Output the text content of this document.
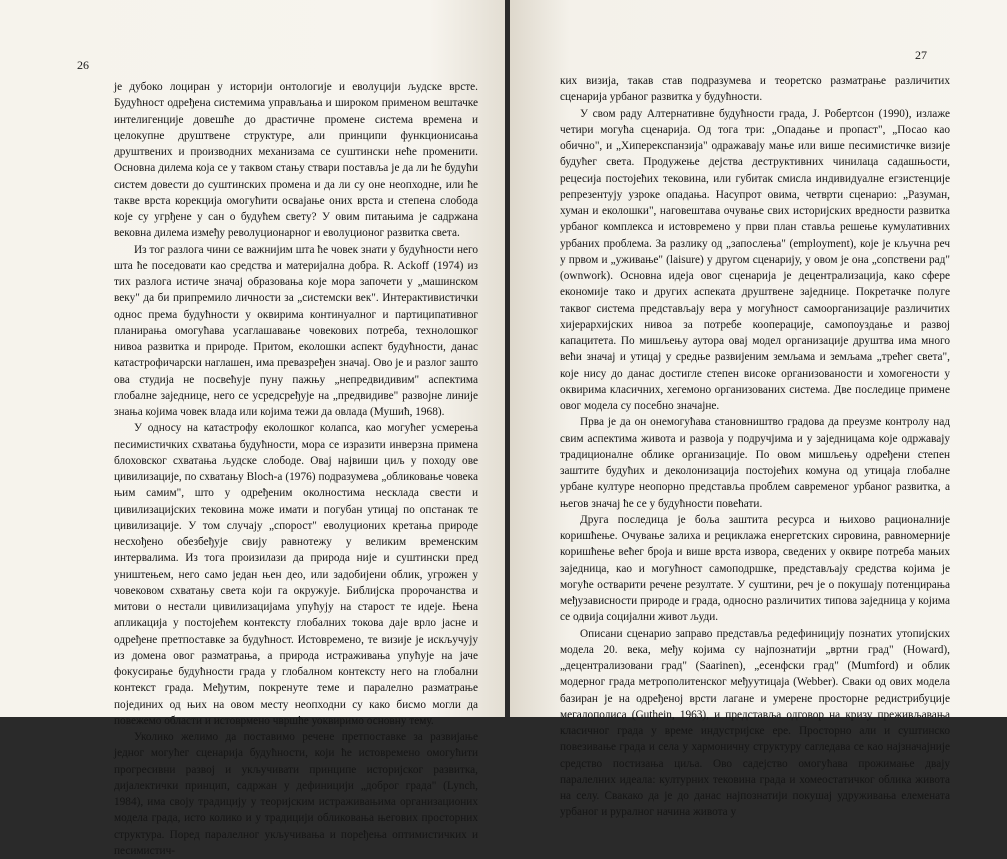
26

је дубоко лоциран у историји онтологије и еволуцији људске врсте. Будућност одређена системима управљања и широком применом вештачке интелигенције довешће до драстичне промене система времена и целокупне друштвене структуре, али принципи функционисања друштвених и производних механизама се суштински неће променити. Основна дилема која се у таквом стању ствари поставља је да ли ће будући систем довести до суштинских промена и да ли су оне неопходне, или ће такве врста корекција омогућити освајање оних врста и степена слобода које су угрђене у сан о будућем свету? У овим питањима је садржана вековна дилема између револуционарног и еволуционог развитка света.

Из тог разлога чини се важнијим шта ће човек знати у будућности него шта ће поседовати као средства и материјална добра. R. Ackoff (1974) из тих разлога истиче значај образовања које мора започети у „машинском веку" да би припремило личности за „системски век". Интерактивистички однос према будућности у оквирима континуалног и партиципативног планирања омогућава усаглашавање човекових потреба, технолошког нивоа развитка и природе. Притом, еколошки аспект будућности, данас катастрофичарски наглашен, има превазређен значај. Ово је и разлог зашто ова студија не посвећује пуну пажњу „непредвидивим" аспектима глобалне заједнице, него се усредсређује на „предвидиве" развојне линије знања којима човек влада или којима тежи да овлада (Мушић, 1968).

У односу на катастрофу еколошког колапса, као могућег усмерења песимистичких схватања будућности, мора се изразити инверзна примена блоховског схватања људске слободе. Овај највиши циљ у походу ове цивилизације, по схватању Bloch-а (1976) подразумева „обликовање човека њим самим", што у одређеним околностима несклада свести и цивилизацијских тековина може имати и погубан утицај по опстанак те цивилизације. У том случају „спорост" еволуционих кретања природе несхођено обезбеђује свију равнотежу у великим временским интервалима. Из тога произилази да природа није и суштински пред уништењем, него само један њен део, или задобијени облик, угрожен у човековом схватању света који га окружује. Библијска пророчанства и митови о нестали цивилизацијама упућују на старост те идеје. Њена апликација у постојећем контексту глобалних токова даје врло јасне и одређене претпоставке за будућност. Истовремено, те визије је искључују из домена овог разматрања, а природа истраживања упућује на јаче фокусирање будућности града у глобалном контексту него на глобални контекст града. Међутим, покренуте теме и паралелно разматрање појединих од њих на овом месту неопходни су како бисмо могли да повежемо области и истоврмено чвршће уоквиримо основну тему.

Уколико желимо да поставимо речене претпоставке за развијање једног могућег сценарија будућности, који ће истовремено омогућити прогресивни развој и укључивати принципе историјског развитка, дијалектички принцип, садржан у дефиницији „доброг града" (Lynch, 1984), има своју традицију у теоријским истраживањима организационих модела града, исто колико и у традицији обликовања његових просторних структура. Поред паралелног укључивања и поређења оптимистичких и песимистич-

27

ких визија, такав став подразумева и теоретско разматрање различитих сценарија урбаног развитка у будућности.

У свом раду Алтернативне будућности града, J. Робертсон (1990), излаже четири могућа сценарија. Од тога три: „Опадање и пропаст", „Посао као обично", и „Хиперекспанзија" одражавају мање или више песимистичке визије будућег света. Продужење дејства деструктивних чинилаца садашњости, рецесија постојећих тековина, или губитак смисла индивидуалне егзистенције репрезентују узроке опадања. Насупрот овима, четврти сценарио: „Разуман, хуман и еколошки", наговештава очување свих историјских вредности развитка урбаног комплекса и истовремено у први план ставља решење кумулативних урбаних проблема. За разлику од „запослења" (employment), које је кључна реч у првом и „уживање" (laisure) у другом сценарију, у овом је она „сопствени рад" (ownwork). Основна идеја овог сценарија је децентрализација, како сфере економије тако и других аспеката друштвене заједнице. Покретачке полуге таквог система представљају вера у могућност самоорганизације различитих хијерархијских нивоа за потребе кооперације, самопоуздање и развој капацитета. По мишљењу аутора овај модел организације друштва има много већи значај и утицај у средње развијеним земљама и земљама „трећег света", које нису до данас достигле степен високе организованости и хомогености у оквирима класичних, хегемоно организованих система. Две последице примене овог модела су посебно значајне.

Прва је да он онемогућава становништво градова да преузме контролу над свим аспектима живота и развоја у подручјима и у заједницама које одржавају традиционалне облике организације. По овом мишљењу одређени степен заштите будућих и деколонизација постојећих комуна од утицаја глобалне урбане културе неопорно представља проблем савременог урбаног развитка, а његов значај ће се у будућности повећати.

Друга последица је боља заштита ресурса и њихово рационалније коришћење. Очување залиха и рециклажа енергетских сировина, равномерније коришћење већег броја и више врста извора, сведених у оквире потреба мањих заједница, као и могућност самоподршке, представљају средства којима је могуће остварити речене резултате. У суштини, реч је о покушају потенцирања међузависности природе и града, односно различитих типова заједница у којима се одвија социјални живот људи.

Описани сценарио заправо представља редефиницију познатих утопијских модела 20. века, међу којима су најпознатији „вртни град" (Howard), „децентрализовани град" (Saarinen), „есенфски град" (Mumford) и облик модерног града метрополитенског међуутицаја (Webber). Сваки од ових модела базиран је на одређеној врсти лагане и умерене просторне редистрибуције мегалополиса (Guthein, 1963), и представља одговор на кризу преживљавања класичног града у време индустријске ере. Просторно али и суштинско повезивање града и села у хармоничну структуру сагледава се као најзначајније средство постизања циља. Ово садејство омогућава прожимање двају паралелних идеала: културних тековина града и хомеостатичког облика живота на селу. Свакако да је до данас најпознатији покушај удруживања елемената урбаног и руралног начина живота у
